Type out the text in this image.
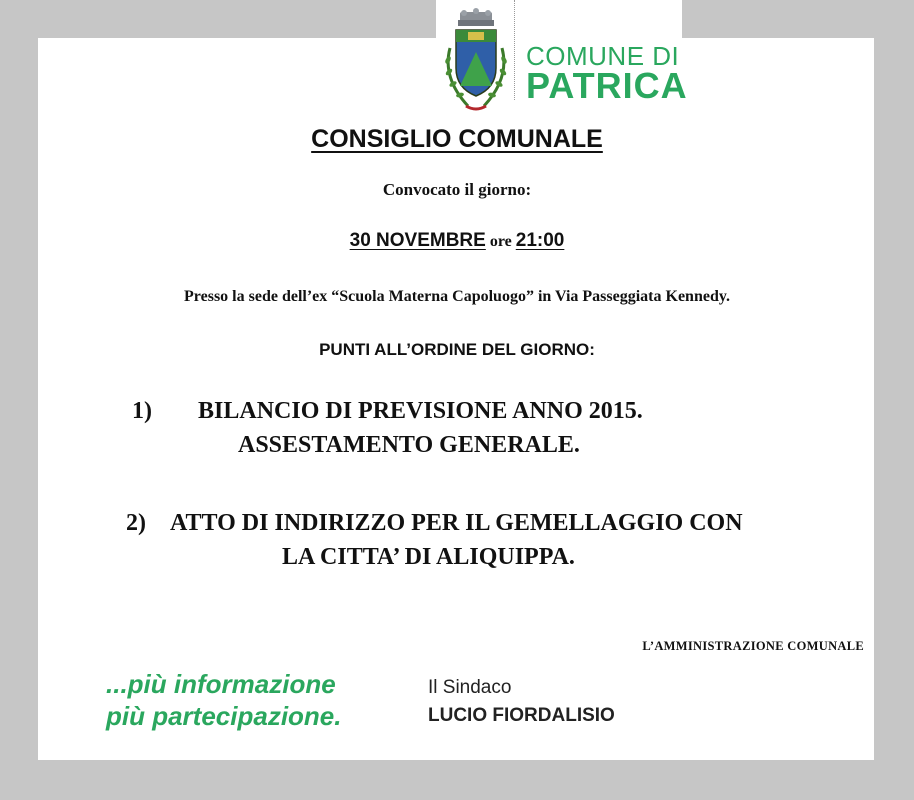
COMUNE DI
PATRICA
CONSIGLIO COMUNALE
Convocato il giorno:
30 NOVEMBRE ore 21:00
Presso la sede dell’ex “Scuola Materna Capoluogo” in Via Passeggiata Kennedy.
PUNTI ALL’ORDINE DEL GIORNO:
1) BILANCIO DI PREVISIONE ANNO 2015.
ASSESTAMENTO GENERALE.
2) ATTO DI INDIRIZZO PER IL GEMELLAGGIO CON
LA CITTA’ DI ALIQUIPPA.
L’AMMINISTRAZIONE COMUNALE
...più informazione
più partecipazione.
Il Sindaco
LUCIO FIORDALISIO
